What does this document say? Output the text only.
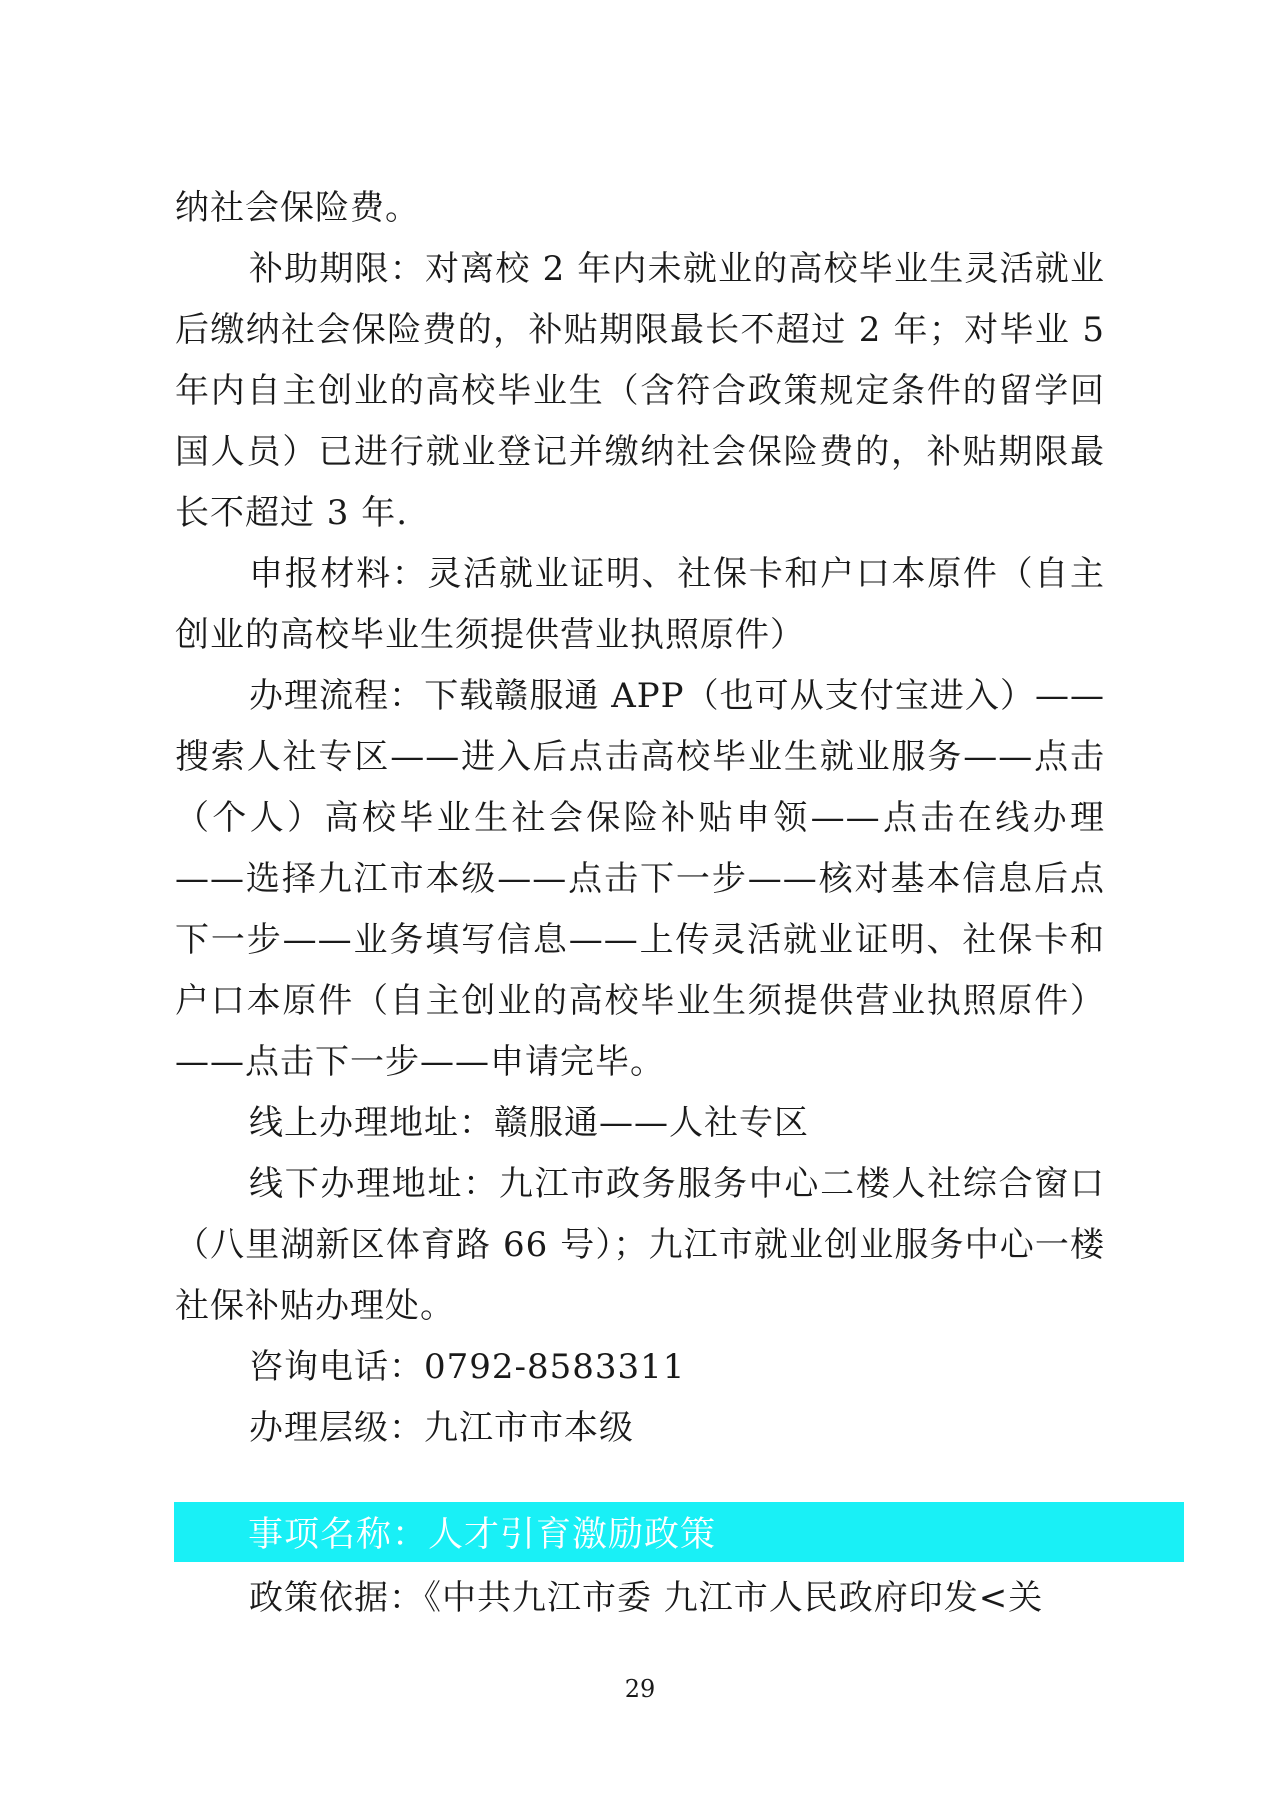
纳社会保险费。

补助期限：对离校 2 年内未就业的高校毕业生灵活就业后缴纳社会保险费的，补贴期限最长不超过 2 年；对毕业 5 年内自主创业的高校毕业生（含符合政策规定条件的留学回国人员）已进行就业登记并缴纳社会保险费的，补贴期限最长不超过 3 年.

申报材料：灵活就业证明、社保卡和户口本原件（自主创业的高校毕业生须提供营业执照原件）

办理流程：下载赣服通 APP（也可从支付宝进入）——搜索人社专区——进入后点击高校毕业生就业服务——点击（个人）高校毕业生社会保险补贴申领——点击在线办理——选择九江市本级——点击下一步——核对基本信息后点下一步——业务填写信息——上传灵活就业证明、社保卡和户口本原件（自主创业的高校毕业生须提供营业执照原件）——点击下一步——申请完毕。

线上办理地址：赣服通——人社专区

线下办理地址：九江市政务服务中心二楼人社综合窗口（八里湖新区体育路 66 号）；九江市就业创业服务中心一楼社保补贴办理处。

咨询电话：0792-8583311

办理层级：九江市市本级

事项名称：人才引育激励政策

政策依据：《中共九江市委 九江市人民政府印发<关

29
